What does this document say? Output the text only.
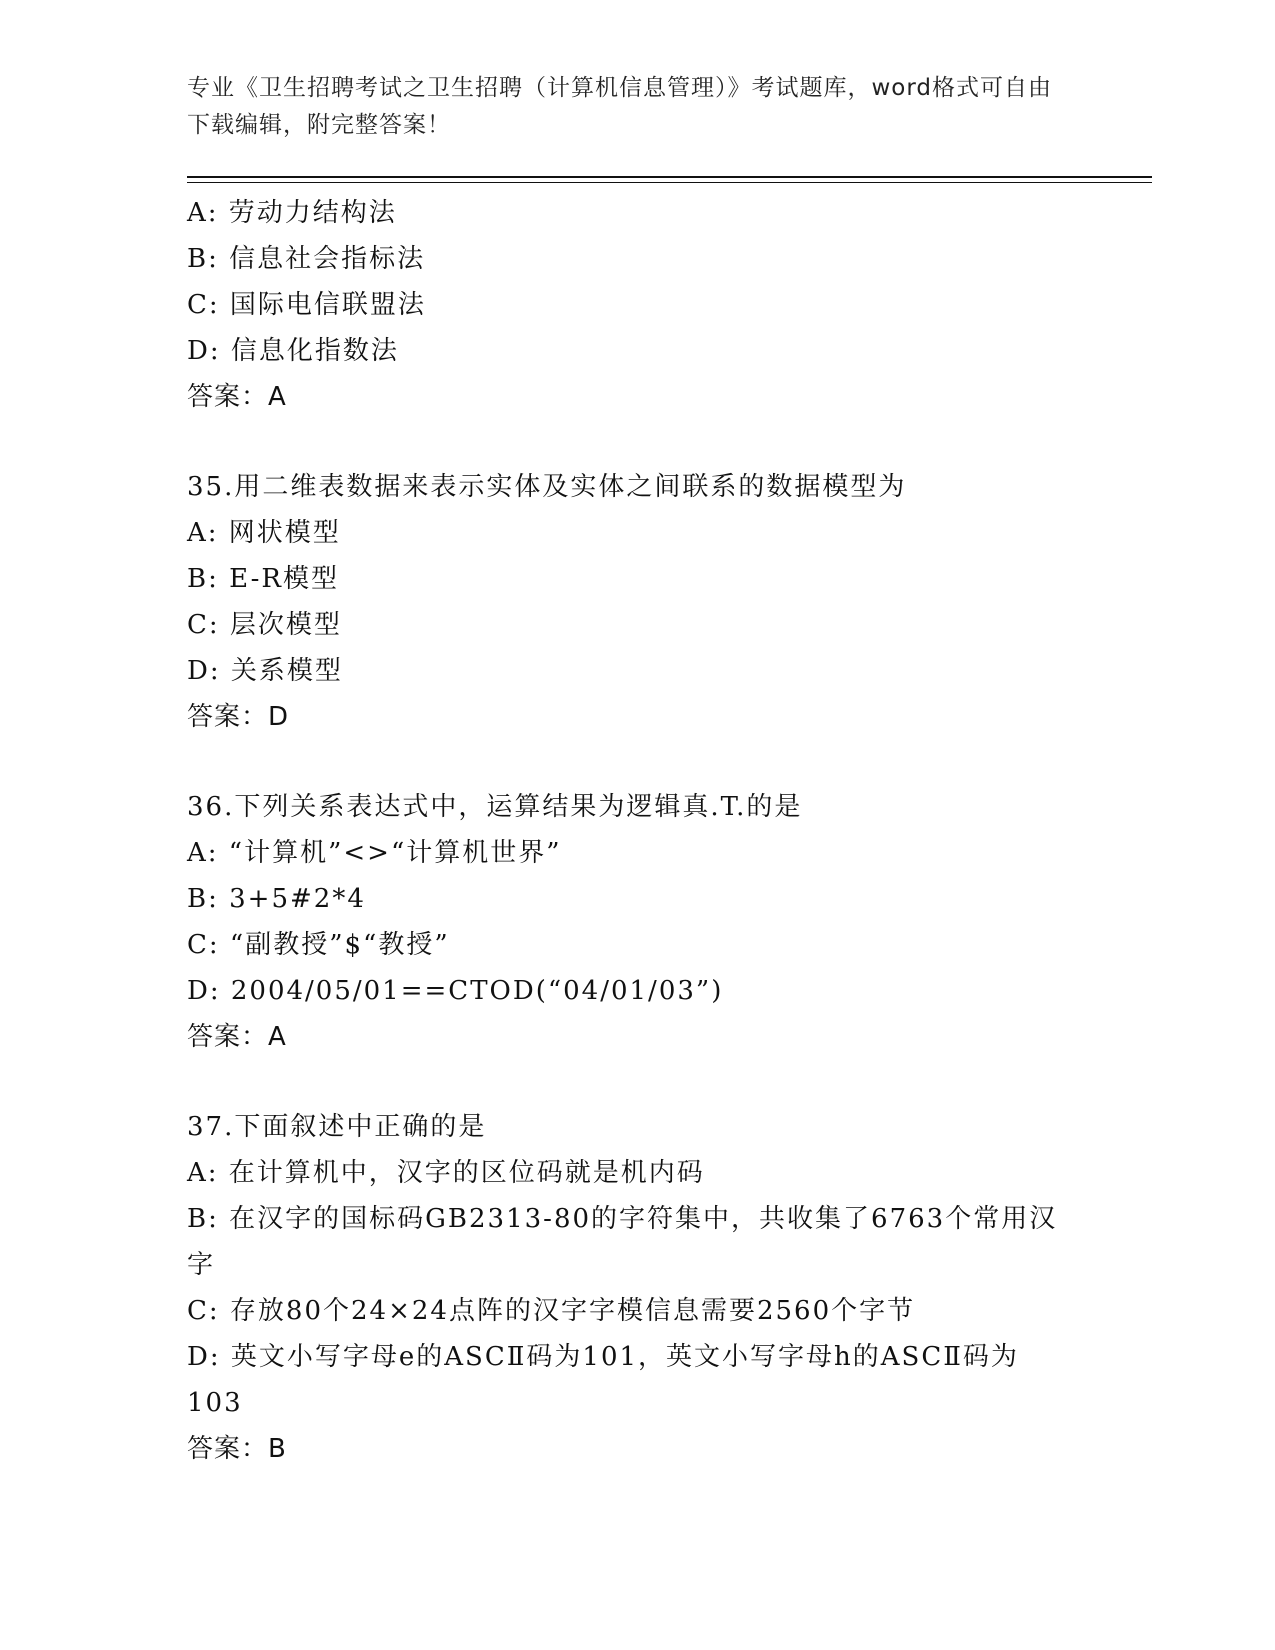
专业《卫生招聘考试之卫生招聘（计算机信息管理）》考试题库，word格式可自由下载编辑，附完整答案！
A: 劳动力结构法
B: 信息社会指标法
C: 国际电信联盟法
D: 信息化指数法
答案：A
35.用二维表数据来表示实体及实体之间联系的数据模型为
A: 网状模型
B: E-R模型
C: 层次模型
D: 关系模型
答案：D
36.下列关系表达式中，运算结果为逻辑真.T.的是
A: “计算机”<>“计算机世界”
B: 3+5#2*4
C: “副教授”$“教授”
D: 2004/05/01==CTOD(“04/01/03”)
答案：A
37.下面叙述中正确的是
A: 在计算机中，汉字的区位码就是机内码
B: 在汉字的国标码GB2313-80的字符集中，共收集了6763个常用汉字
C: 存放80个24×24点阵的汉字字模信息需要2560个字节
D: 英文小写字母e的ASCⅡ码为101，英文小写字母h的ASCⅡ码为103
答案：B
